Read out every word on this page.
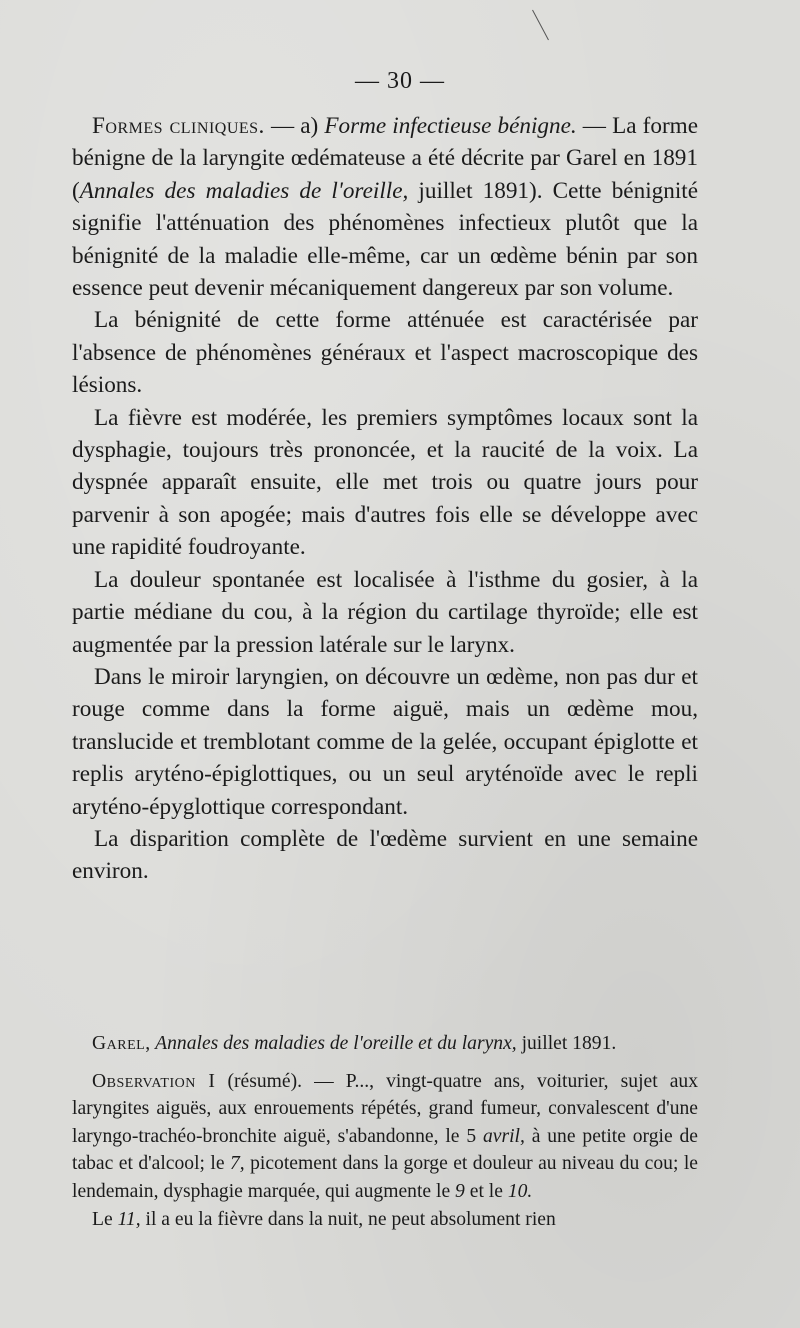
— 30 —

Formes cliniques. — a) Forme infectieuse bénigne. — La forme bénigne de la laryngite œdémateuse a été décrite par Garel en 1891 (Annales des maladies de l'oreille, juillet 1891). Cette bénignité signifie l'atténuation des phénomènes infectieux plutôt que la bénignité de la maladie elle-même, car un œdème bénin par son essence peut devenir mécaniquement dangereux par son volume.

La bénignité de cette forme atténuée est caractérisée par l'absence de phénomènes généraux et l'aspect macroscopique des lésions.

La fièvre est modérée, les premiers symptômes locaux sont la dysphagie, toujours très prononcée, et la raucité de la voix. La dyspnée apparaît ensuite, elle met trois ou quatre jours pour parvenir à son apogée; mais d'autres fois elle se développe avec une rapidité foudroyante.

La douleur spontanée est localisée à l'isthme du gosier, à la partie médiane du cou, à la région du cartilage thyroïde; elle est augmentée par la pression latérale sur le larynx.

Dans le miroir laryngien, on découvre un œdème, non pas dur et rouge comme dans la forme aiguë, mais un œdème mou, translucide et tremblotant comme de la gelée, occupant épiglotte et replis aryténo-épiglottiques, ou un seul aryténoïde avec le repli aryténo-épyglottique correspondant.

La disparition complète de l'œdème survient en une semaine environ.

Garel, Annales des maladies de l'oreille et du larynx, juillet 1891.

Observation I (résumé). — P..., vingt-quatre ans, voiturier, sujet aux laryngites aiguës, aux enrouements répétés, grand fumeur, convalescent d'une laryngo-trachéo-bronchite aiguë, s'abandonne, le 5 avril, à une petite orgie de tabac et d'alcool; le 7, picotement dans la gorge et douleur au niveau du cou; le lendemain, dysphagie marquée, qui augmente le 9 et le 10.

Le 11, il a eu la fièvre dans la nuit, ne peut absolument rien
